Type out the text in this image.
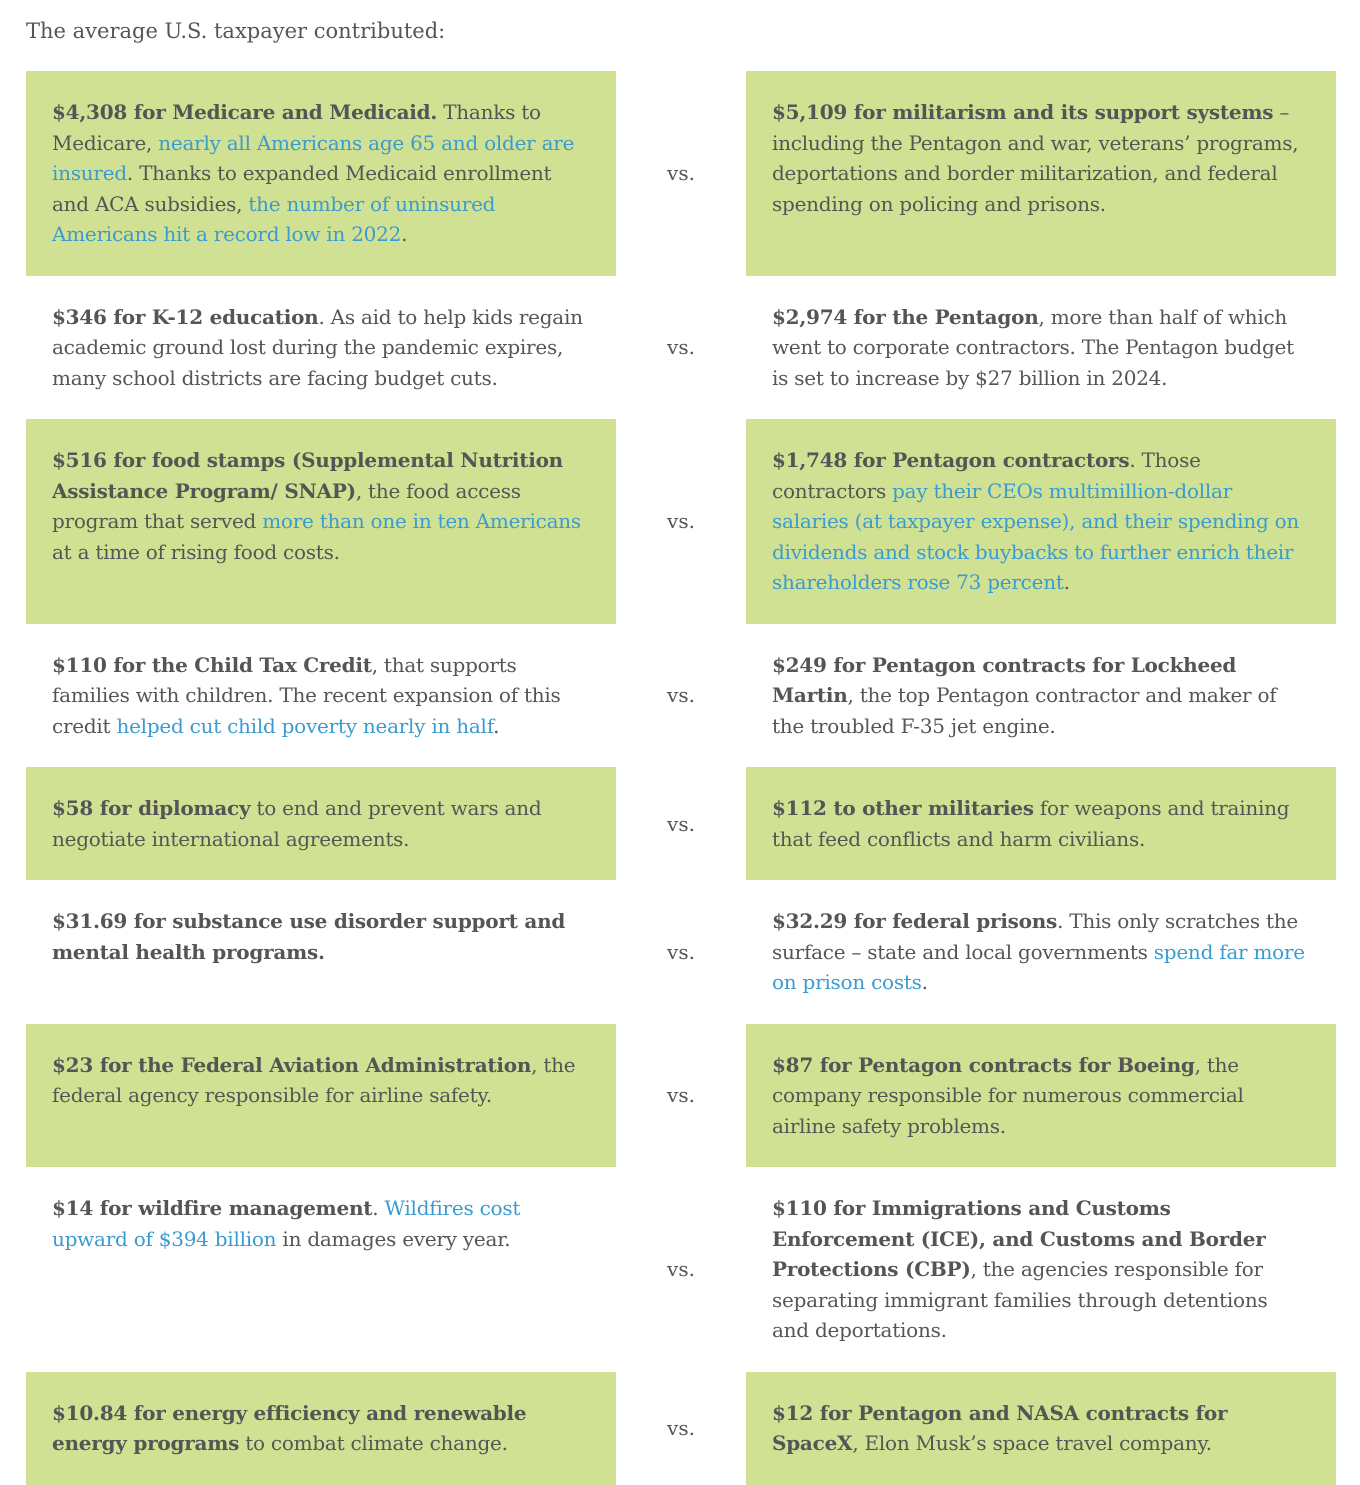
The average U.S. taxpayer contributed:
$4,308 for Medicare and Medicaid. Thanks to Medicare, nearly all Americans age 65 and older are insured. Thanks to expanded Medicaid enrollment and ACA subsidies, the number of uninsured Americans hit a record low in 2022.
vs.
$5,109 for militarism and its support systems – including the Pentagon and war, veterans’ programs, deportations and border militarization, and federal spending on policing and prisons.
$346 for K-12 education. As aid to help kids regain academic ground lost during the pandemic expires, many school districts are facing budget cuts.
vs.
$2,974 for the Pentagon, more than half of which went to corporate contractors. The Pentagon budget is set to increase by $27 billion in 2024.
$516 for food stamps (Supplemental Nutrition Assistance Program/ SNAP), the food access program that served more than one in ten Americans at a time of rising food costs.
vs.
$1,748 for Pentagon contractors. Those contractors pay their CEOs multimillion-dollar salaries (at taxpayer expense), and their spending on dividends and stock buybacks to further enrich their shareholders rose 73 percent.
$110 for the Child Tax Credit, that supports families with children. The recent expansion of this credit helped cut child poverty nearly in half.
vs.
$249 for Pentagon contracts for Lockheed Martin, the top Pentagon contractor and maker of the troubled F-35 jet engine.
$58 for diplomacy to end and prevent wars and negotiate international agreements.
vs.
$112 to other militaries for weapons and training that feed conflicts and harm civilians.
$31.69 for substance use disorder support and mental health programs.	vs.
$32.29 for federal prisons. This only scratches the surface – state and local governments spend far more on prison costs.
$23 for the Federal Aviation Administration, the federal agency responsible for airline safety.	vs.
$87 for Pentagon contracts for Boeing, the company responsible for numerous commercial airline safety problems.
$14 for wildfire management. Wildfires cost upward of $394 billion in damages every year.
vs.
$110 for Immigrations and Customs Enforcement (ICE), and Customs and Border Protections (CBP), the agencies responsible for separating immigrant families through detentions and deportations.
$10.84 for energy efficiency and renewable energy programs to combat climate change.
vs.
$12 for Pentagon and NASA contracts for SpaceX, Elon Musk’s space travel company.
